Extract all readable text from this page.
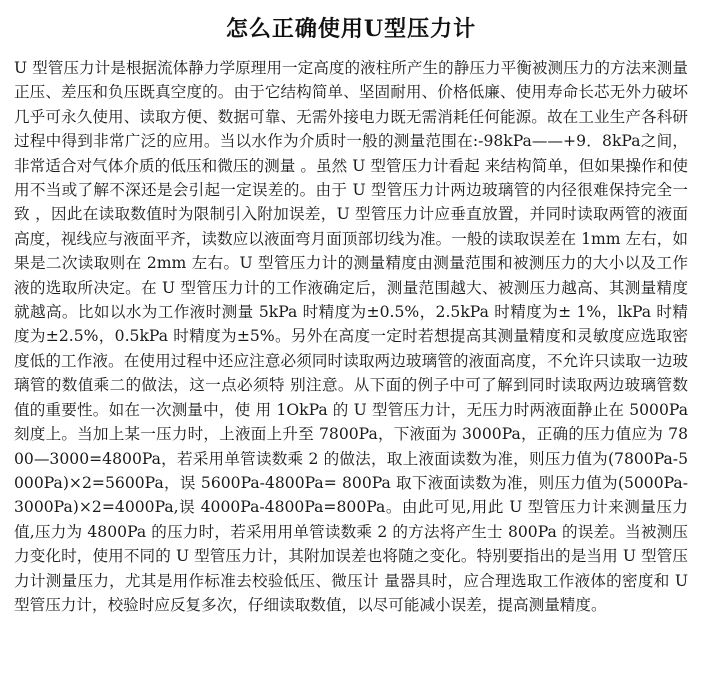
怎么正确使用U型压力计

U 型管压力计是根据流体静力学原理用一定高度的液柱所产生的静压力平衡被测压力的方法来测量正压、差压和负压既真空度的。由于它结构简单、坚固耐用、价格低廉、使用寿命长芯无外力破坏几乎可永久使用、读取方便、数据可靠、无需外接电力既无需消耗任何能源。故在工业生产各科研过程中得到非常广泛的应用。当以水作为介质时一般的测量范围在:-98kPa——+9．8kPa之间，非常适合对气体介质的低压和微压的测量 。虽然 U 型管压力计看起 来结构简单，但如果操作和使用不当或了解不深还是会引起一定误差的。由于 U 型管压力计两边玻璃管的内径很难保持完全一致 ，因此在读取数值时为限制引入附加误差，U 型管压力计应垂直放置，并同时读取两管的液面高度，视线应与液面平齐，读数应以液面弯月面顶部切线为准。一般的读取误差在 1mm 左右，如果是二次读取则在 2mm 左右。U 型管压力计的测量精度由测量范围和被测压力的大小以及工作液的选取所决定。在 U 型管压力计的工作液确定后，测量范围越大、被测压力越高、其测量精度就越高。比如以水为工作液时测量 5kPa 时精度为±0.5%，2.5kPa 时精度为± 1%，lkPa 时精度为±2.5%，0.5kPa 时精度为±5%。另外在高度一定时若想提高其测量精度和灵敏度应选取密度低的工作液。在使用过程中还应注意必须同时读取两边玻璃管的液面高度，不允许只读取一边玻璃管的数值乘二的做法，这一点必须特 别注意。从下面的例子中可了解到同时读取两边玻璃管数值的重要性。如在一次测量中，使 用 1OkPa 的 U 型管压力计，无压力时两液面静止在 5000Pa 刻度上。当加上某一压力时，上液面上升至 7800Pa，下液面为 3000Pa，正确的压力值应为 7800—3000=4800Pa，若采用单管读数乘 2 的做法，取上液面读数为准，则压力值为(7800Pa-5000Pa)×2=5600Pa，误 5600Pa-4800Pa= 800Pa 取下液面读数为准，则压力值为(5000Pa-3000Pa)×2=4000Pa,误 4000Pa-4800Pa=800Pa。由此可见,用此 U 型管压力计来测量压力值,压力为 4800Pa 的压力时，若采用用单管读数乘 2 的方法将产生士 800Pa 的误差。当被测压力变化时，使用不同的 U 型管压力计，其附加误差也将随之变化。特别要指出的是当用 U 型管压力计测量压力，尤其是用作标准去校验低压、微压计 量器具时，应合理选取工作液体的密度和 U 型管压力计，校验时应反复多次，仔细读取数值，以尽可能减小误差，提高测量精度。
